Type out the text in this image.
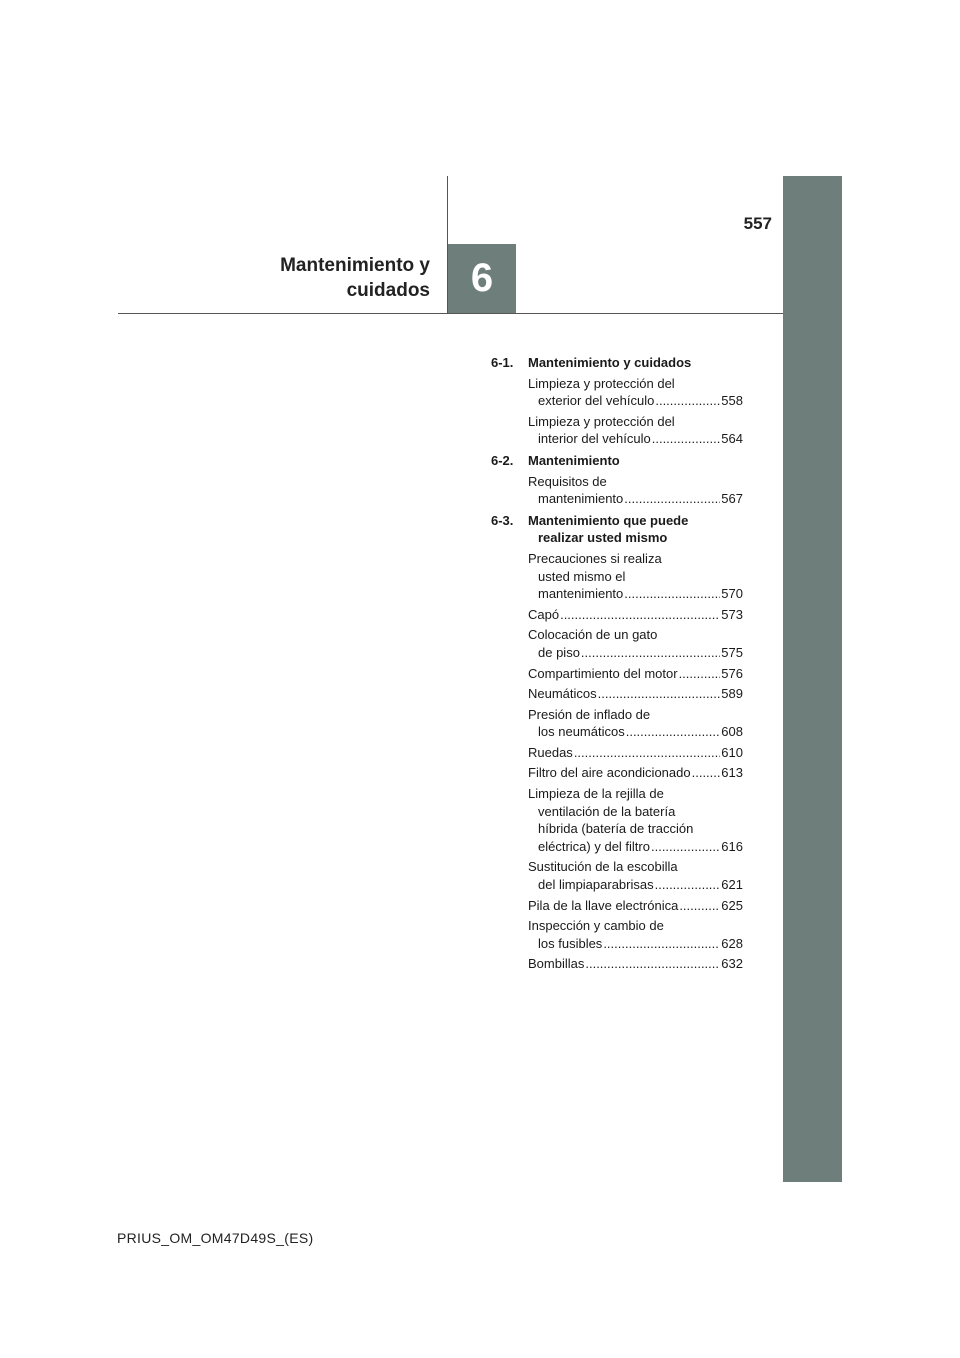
557
Mantenimiento y
cuidados	6
6-1.	Mantenimiento y cuidados
Limpieza y protección del
exterior del vehículo .....	558
Limpieza y protección del
interior del vehículo .....	564
6-2.	Mantenimiento
Requisitos de
mantenimiento .....	567
6-3.	Mantenimiento que puede
realizar usted mismo
Precauciones si realiza
usted mismo el
mantenimiento .....	570
Capó .....	573
Colocación de un gato
de piso .....	575
Compartimiento del motor .....	576
Neumáticos .....	589
Presión de inflado de
los neumáticos .....	608
Ruedas .....	610
Filtro del aire acondicionado ..... 613
Limpieza de la rejilla de
ventilación de la batería
híbrida (batería de tracción
eléctrica) y del filtro .....	616
Sustitución de la escobilla
del limpiaparabrisas .....	621
Pila de la llave electrónica .....	625
Inspección y cambio de
los fusibles .....	628
Bombillas .....	632
PRIUS_OM_OM47D49S_(ES)
